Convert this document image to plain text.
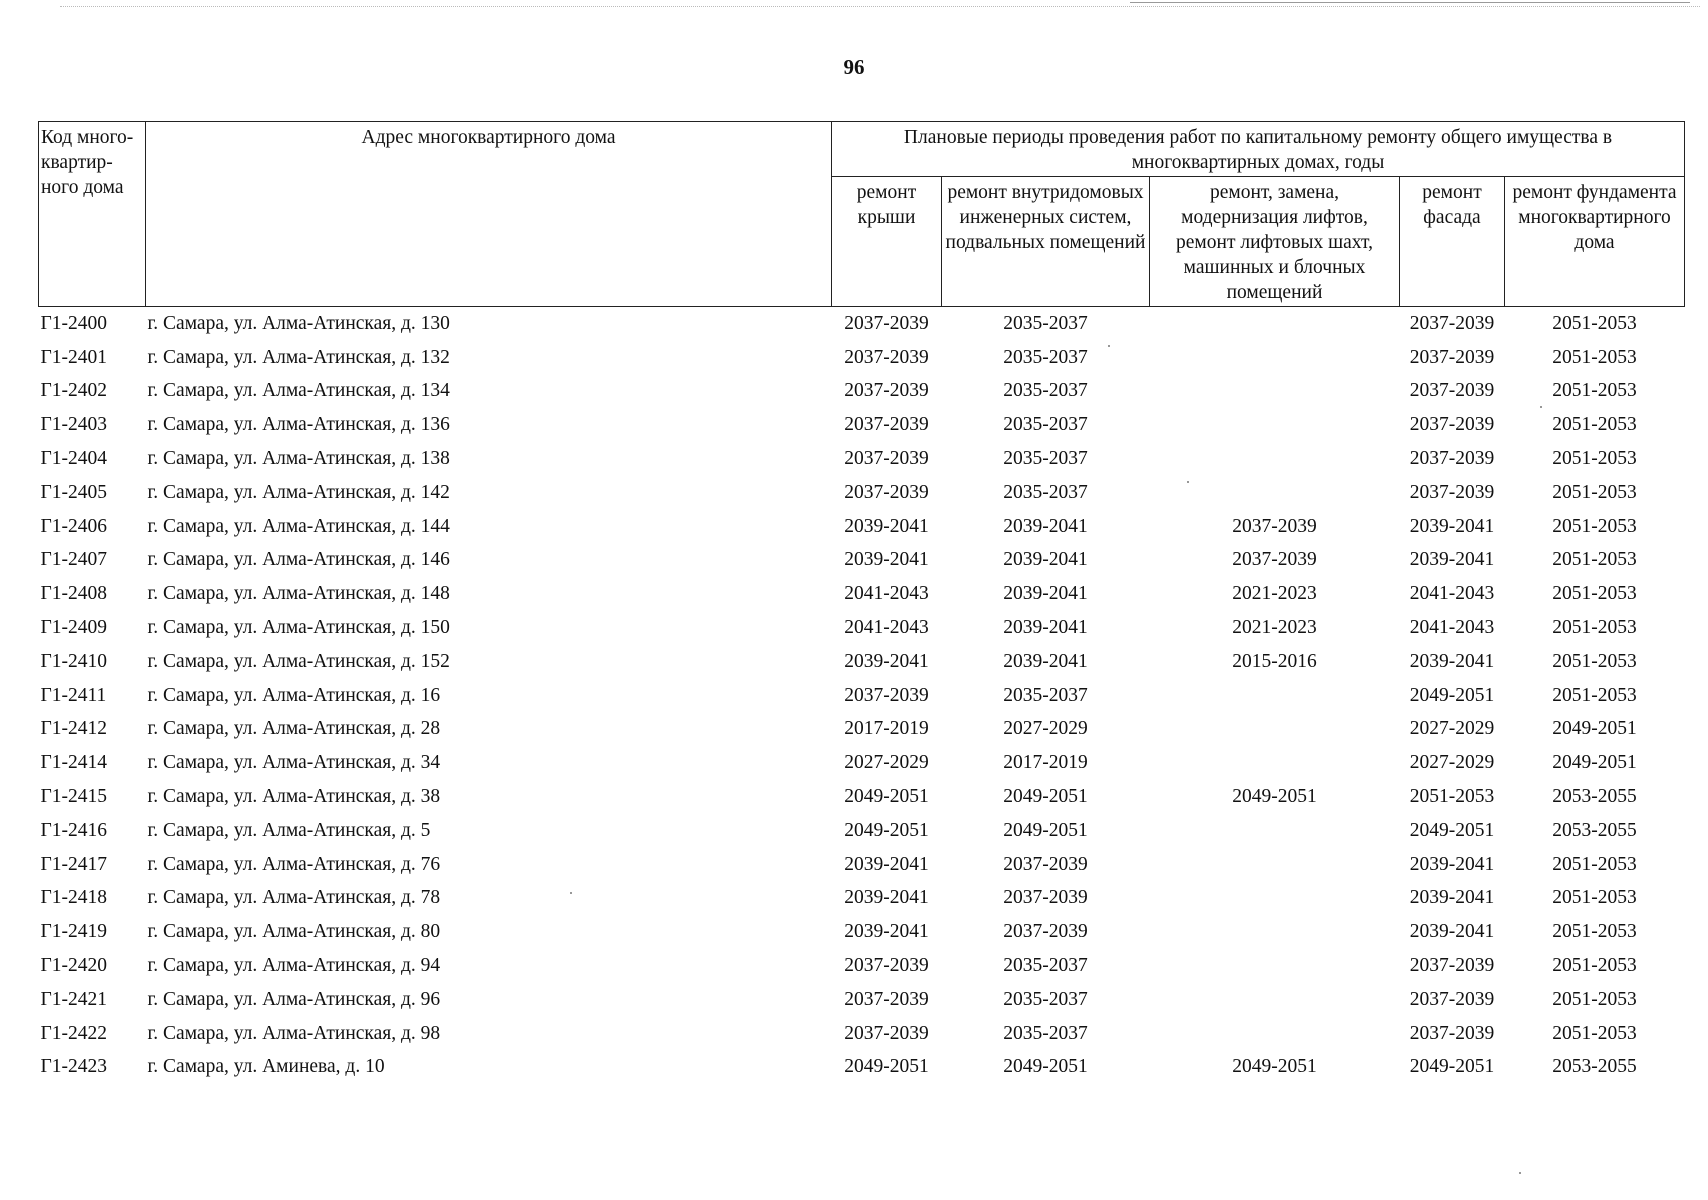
96
Код много-квартир-ного дома	Адрес многоквартирного дома	Плановые периоды проведения работ по капитальному ремонту общего имущества в многоквартирных домах, годы				
		ремонт крыши	ремонт внутридомовых инженерных систем, подвальных помещений	ремонт, замена, модернизация лифтов, ремонт лифтовых шахт, машинных и блочных помещений	ремонт фасада	ремонт фундамента многоквартирного дома
Г1-2400	г. Самара, ул. Алма-Атинская, д. 130	2037-2039	2035-2037		2037-2039	2051-2053
Г1-2401	г. Самара, ул. Алма-Атинская, д. 132	2037-2039	2035-2037		2037-2039	2051-2053
Г1-2402	г. Самара, ул. Алма-Атинская, д. 134	2037-2039	2035-2037		2037-2039	2051-2053
Г1-2403	г. Самара, ул. Алма-Атинская, д. 136	2037-2039	2035-2037		2037-2039	2051-2053
Г1-2404	г. Самара, ул. Алма-Атинская, д. 138	2037-2039	2035-2037		2037-2039	2051-2053
Г1-2405	г. Самара, ул. Алма-Атинская, д. 142	2037-2039	2035-2037		2037-2039	2051-2053
Г1-2406	г. Самара, ул. Алма-Атинская, д. 144	2039-2041	2039-2041	2037-2039	2039-2041	2051-2053
Г1-2407	г. Самара, ул. Алма-Атинская, д. 146	2039-2041	2039-2041	2037-2039	2039-2041	2051-2053
Г1-2408	г. Самара, ул. Алма-Атинская, д. 148	2041-2043	2039-2041	2021-2023	2041-2043	2051-2053
Г1-2409	г. Самара, ул. Алма-Атинская, д. 150	2041-2043	2039-2041	2021-2023	2041-2043	2051-2053
Г1-2410	г. Самара, ул. Алма-Атинская, д. 152	2039-2041	2039-2041	2015-2016	2039-2041	2051-2053
Г1-2411	г. Самара, ул. Алма-Атинская, д. 16	2037-2039	2035-2037		2049-2051	2051-2053
Г1-2412	г. Самара, ул. Алма-Атинская, д. 28	2017-2019	2027-2029		2027-2029	2049-2051
Г1-2414	г. Самара, ул. Алма-Атинская, д. 34	2027-2029	2017-2019		2027-2029	2049-2051
Г1-2415	г. Самара, ул. Алма-Атинская, д. 38	2049-2051	2049-2051	2049-2051	2051-2053	2053-2055
Г1-2416	г. Самара, ул. Алма-Атинская, д. 5	2049-2051	2049-2051		2049-2051	2053-2055
Г1-2417	г. Самара, ул. Алма-Атинская, д. 76	2039-2041	2037-2039		2039-2041	2051-2053
Г1-2418	г. Самара, ул. Алма-Атинская, д. 78	2039-2041	2037-2039		2039-2041	2051-2053
Г1-2419	г. Самара, ул. Алма-Атинская, д. 80	2039-2041	2037-2039		2039-2041	2051-2053
Г1-2420	г. Самара, ул. Алма-Атинская, д. 94	2037-2039	2035-2037		2037-2039	2051-2053
Г1-2421	г. Самара, ул. Алма-Атинская, д. 96	2037-2039	2035-2037		2037-2039	2051-2053
Г1-2422	г. Самара, ул. Алма-Атинская, д. 98	2037-2039	2035-2037		2037-2039	2051-2053
Г1-2423	г. Самара, ул. Аминева, д. 10	2049-2051	2049-2051	2049-2051	2049-2051	2053-2055
